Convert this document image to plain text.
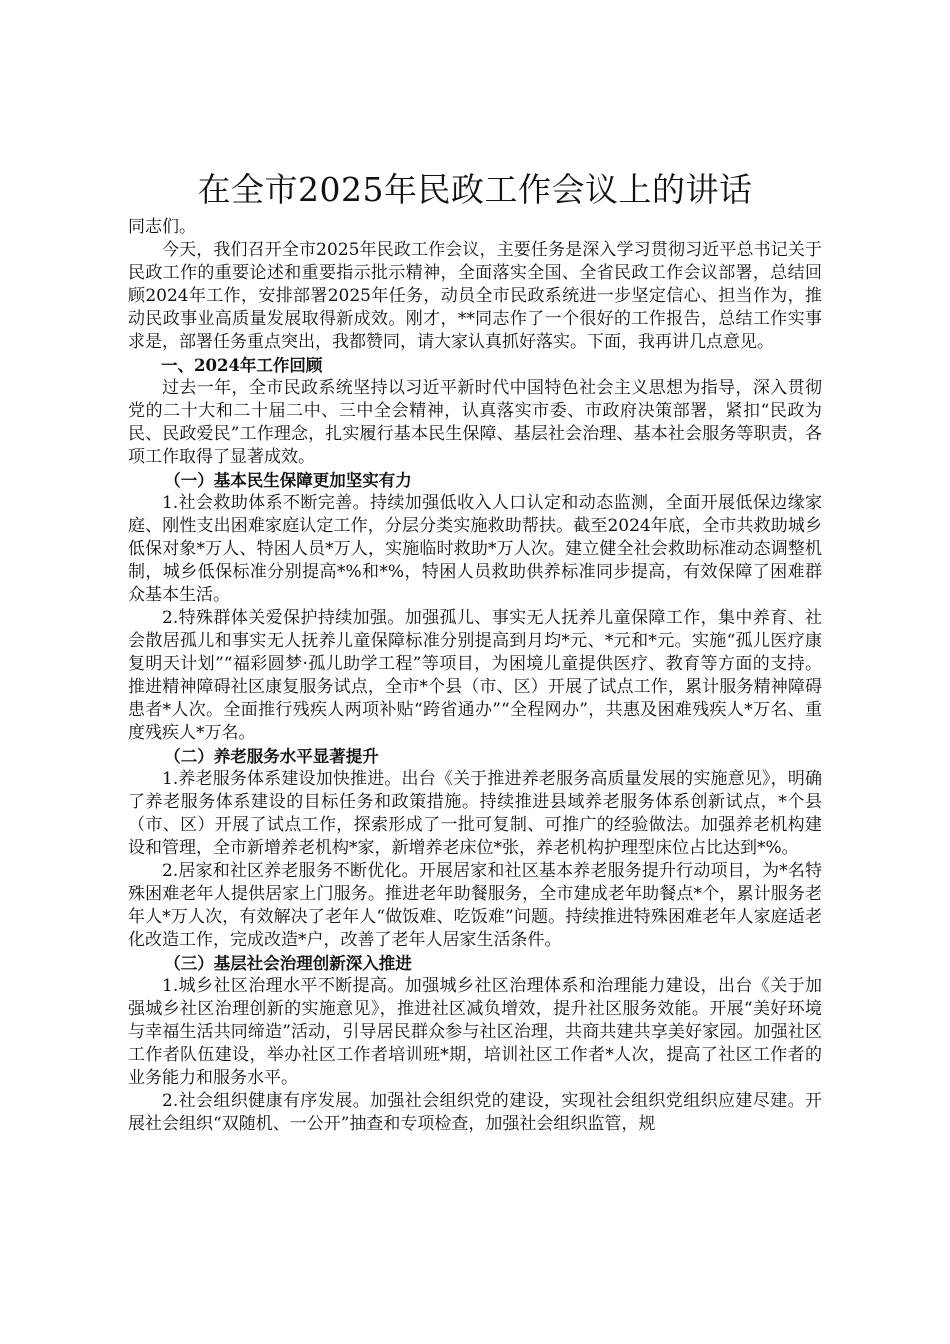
在全市2025年民政工作会议上的讲话

同志们。

今天，我们召开全市2025年民政工作会议，主要任务是深入学习贯彻习近平总书记关于民政工作的重要论述和重要指示批示精神，全面落实全国、全省民政工作会议部署，总结回顾2024年工作，安排部署2025年任务，动员全市民政系统进一步坚定信心、担当作为，推动民政事业高质量发展取得新成效。刚才，**同志作了一个很好的工作报告，总结工作实事求是，部署任务重点突出，我都赞同，请大家认真抓好落实。下面，我再讲几点意见。

一、2024年工作回顾

过去一年，全市民政系统坚持以习近平新时代中国特色社会主义思想为指导，深入贯彻党的二十大和二十届二中、三中全会精神，认真落实市委、市政府决策部署，紧扣“民政为民、民政爱民”工作理念，扎实履行基本民生保障、基层社会治理、基本社会服务等职责，各项工作取得了显著成效。

（一）基本民生保障更加坚实有力

1.社会救助体系不断完善。持续加强低收入人口认定和动态监测，全面开展低保边缘家庭、刚性支出困难家庭认定工作，分层分类实施救助帮扶。截至2024年底，全市共救助城乡低保对象*万人、特困人员*万人，实施临时救助*万人次。建立健全社会救助标准动态调整机制，城乡低保标准分别提高*%和*%，特困人员救助供养标准同步提高，有效保障了困难群众基本生活。

2.特殊群体关爱保护持续加强。加强孤儿、事实无人抚养儿童保障工作，集中养育、社会散居孤儿和事实无人抚养儿童保障标准分别提高到月均*元、*元和*元。实施“孤儿医疗康复明天计划”“福彩圆梦·孤儿助学工程”等项目，为困境儿童提供医疗、教育等方面的支持。推进精神障碍社区康复服务试点，全市*个县（市、区）开展了试点工作，累计服务精神障碍患者*人次。全面推行残疾人两项补贴“跨省通办”“全程网办”，共惠及困难残疾人*万名、重度残疾人*万名。

（二）养老服务水平显著提升

1.养老服务体系建设加快推进。出台《关于推进养老服务高质量发展的实施意见》，明确了养老服务体系建设的目标任务和政策措施。持续推进县域养老服务体系创新试点，*个县（市、区）开展了试点工作，探索形成了一批可复制、可推广的经验做法。加强养老机构建设和管理，全市新增养老机构*家，新增养老床位*张，养老机构护理型床位占比达到*%。

2.居家和社区养老服务不断优化。开展居家和社区基本养老服务提升行动项目，为*名特殊困难老年人提供居家上门服务。推进老年助餐服务，全市建成老年助餐点*个，累计服务老年人*万人次，有效解决了老年人“做饭难、吃饭难”问题。持续推进特殊困难老年人家庭适老化改造工作，完成改造*户，改善了老年人居家生活条件。

（三）基层社会治理创新深入推进

1.城乡社区治理水平不断提高。加强城乡社区治理体系和治理能力建设，出台《关于加强城乡社区治理创新的实施意见》，推进社区减负增效，提升社区服务效能。开展“美好环境与幸福生活共同缔造”活动，引导居民群众参与社区治理，共商共建共享美好家园。加强社区工作者队伍建设，举办社区工作者培训班*期，培训社区工作者*人次，提高了社区工作者的业务能力和服务水平。

2.社会组织健康有序发展。加强社会组织党的建设，实现社会组织党组织应建尽建。开展社会组织“双随机、一公开”抽查和专项检查，加强社会组织监管，规
